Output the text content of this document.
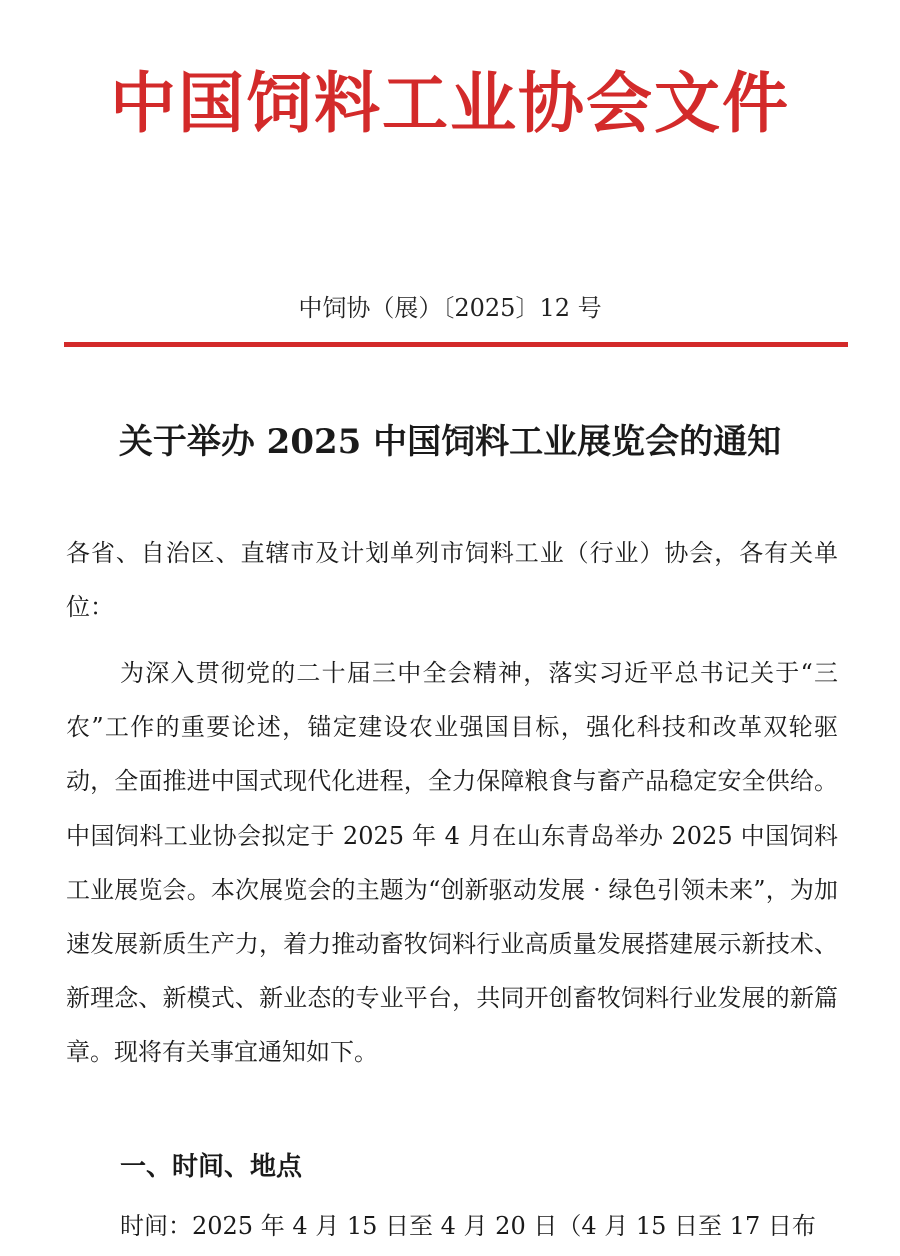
中国饲料工业协会文件
中饲协（展）〔2025〕12 号
关于举办 2025 中国饲料工业展览会的通知
各省、自治区、直辖市及计划单列市饲料工业（行业）协会，各有关单位：
为深入贯彻党的二十届三中全会精神，落实习近平总书记关于“三农”工作的重要论述，锚定建设农业强国目标，强化科技和改革双轮驱动，全面推进中国式现代化进程，全力保障粮食与畜产品稳定安全供给。中国饲料工业协会拟定于 2025 年 4 月在山东青岛举办 2025 中国饲料工业展览会。本次展览会的主题为“创新驱动发展 · 绿色引领未来”，为加速发展新质生产力，着力推动畜牧饲料行业高质量发展搭建展示新技术、新理念、新模式、新业态的专业平台，共同开创畜牧饲料行业发展的新篇章。现将有关事宜通知如下。
一、时间、地点
时间：2025 年 4 月 15 日至 4 月 20 日（4 月 15 日至 17 日布
